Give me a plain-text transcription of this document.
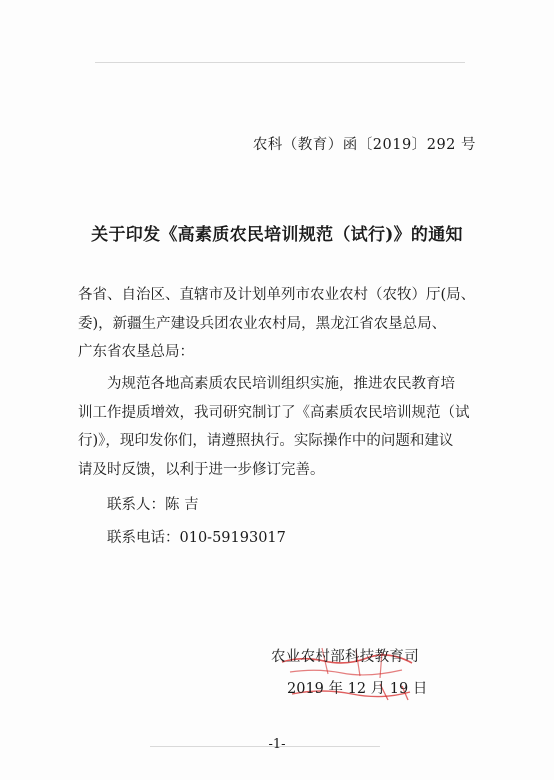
农科（教育）函〔2019〕292 号
关于印发《高素质农民培训规范（试行)》的通知
各省、自治区、直辖市及计划单列市农业农村（农牧）厅(局、
委)，新疆生产建设兵团农业农村局，黑龙江省农垦总局、
广东省农垦总局：
为规范各地高素质农民培训组织实施，推进农民教育培
训工作提质增效，我司研究制订了《高素质农民培训规范（试
行)》，现印发你们，请遵照执行。实际操作中的问题和建议
请及时反馈，以利于进一步修订完善。
联系人：陈 吉
联系电话：010-59193017
农业农村部科技教育司
2019 年 12 月 19 日
-1-
